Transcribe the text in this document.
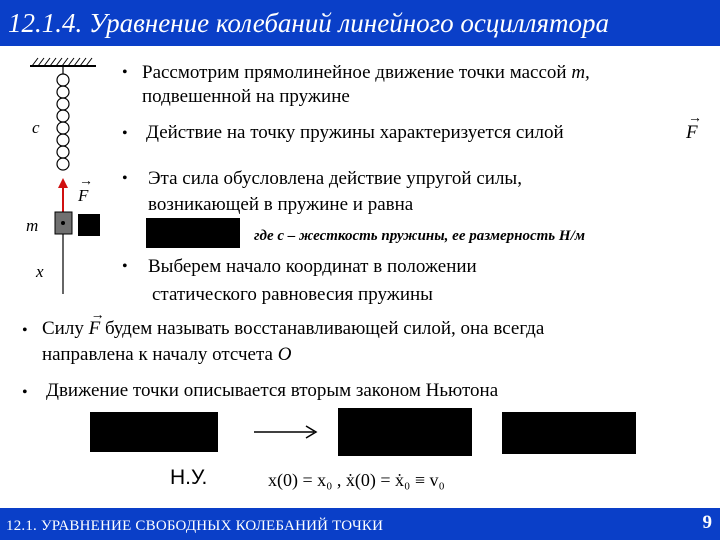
12.1.4. Уравнение колебаний линейного осциллятора
c
m
x
→
F
• Рассмотрим прямолинейное движение точки массой m,
подвешенной на пружине
• Действие на точку пружины характеризуется силой
→
F
• Эта сила обусловлена действие упругой силы,
возникающей в пружине и равна
где с – жесткость пружины, ее размерность Н/м
• Выберем начало координат в положении
статического равновесия пружины
• Силу
→
F будем называть восстанавливающей силой, она всегда
направлена к началу отсчета O
• Движение точки описывается вторым законом Ньютона
Н.У.	x(0) = x₀ , ẋ(0) = ẋ₀ ≡ v₀
12.1. УРАВНЕНИЕ СВОБОДНЫХ КОЛЕБАНИЙ ТОЧКИ	9
